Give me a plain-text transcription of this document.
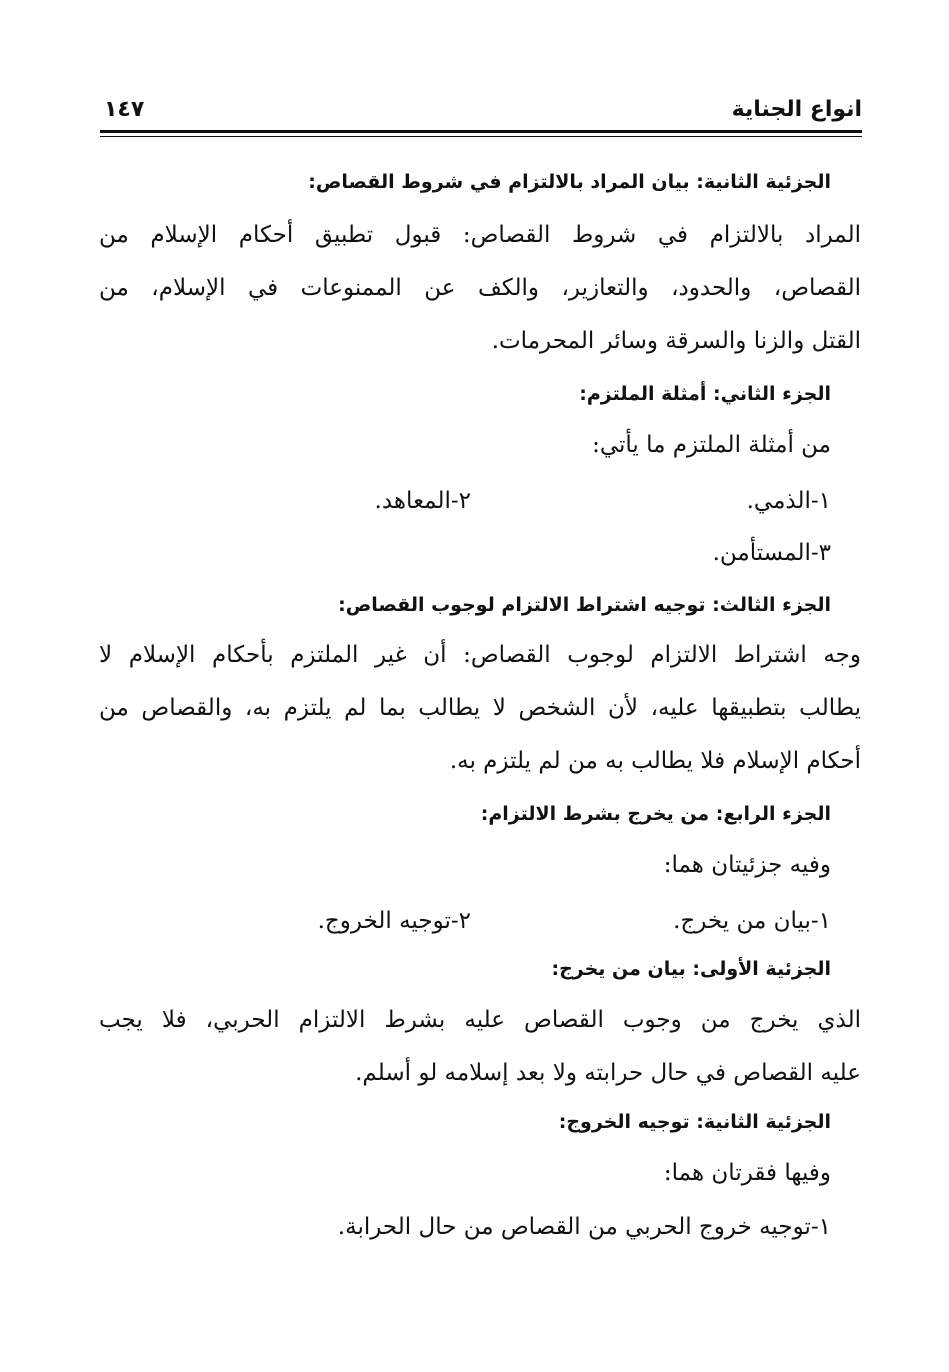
انواع الجناية
١٤٧
الجزئية الثانية: بيان المراد بالالتزام في شروط القصاص:
المراد بالالتزام في شروط القصاص: قبول تطبيق أحكام الإسلام من
القصاص، والحدود، والتعازير، والكف عن الممنوعات في الإسلام، من
القتل والزنا والسرقة وسائر المحرمات.
الجزء الثاني: أمثلة الملتزم:
من أمثلة الملتزم ما يأتي:
١-الذمي.
٢-المعاهد.
٣-المستأمن.
الجزء الثالث: توجيه اشتراط الالتزام لوجوب القصاص:
وجه اشتراط الالتزام لوجوب القصاص: أن غير الملتزم بأحكام الإسلام لا
يطالب بتطبيقها عليه، لأن الشخص لا يطالب بما لم يلتزم به، والقصاص من
أحكام الإسلام فلا يطالب به من لم يلتزم به.
الجزء الرابع: من يخرج بشرط الالتزام:
وفيه جزئيتان هما:
١-بيان من يخرج.
٢-توجيه الخروج.
الجزئية الأولى: بيان من يخرج:
الذي يخرج من وجوب القصاص عليه بشرط الالتزام الحربي، فلا يجب
عليه القصاص في حال حرابته ولا بعد إسلامه لو أسلم.
الجزئية الثانية: توجيه الخروج:
وفيها فقرتان هما:
١-توجيه خروج الحربي من القصاص من حال الحرابة.
